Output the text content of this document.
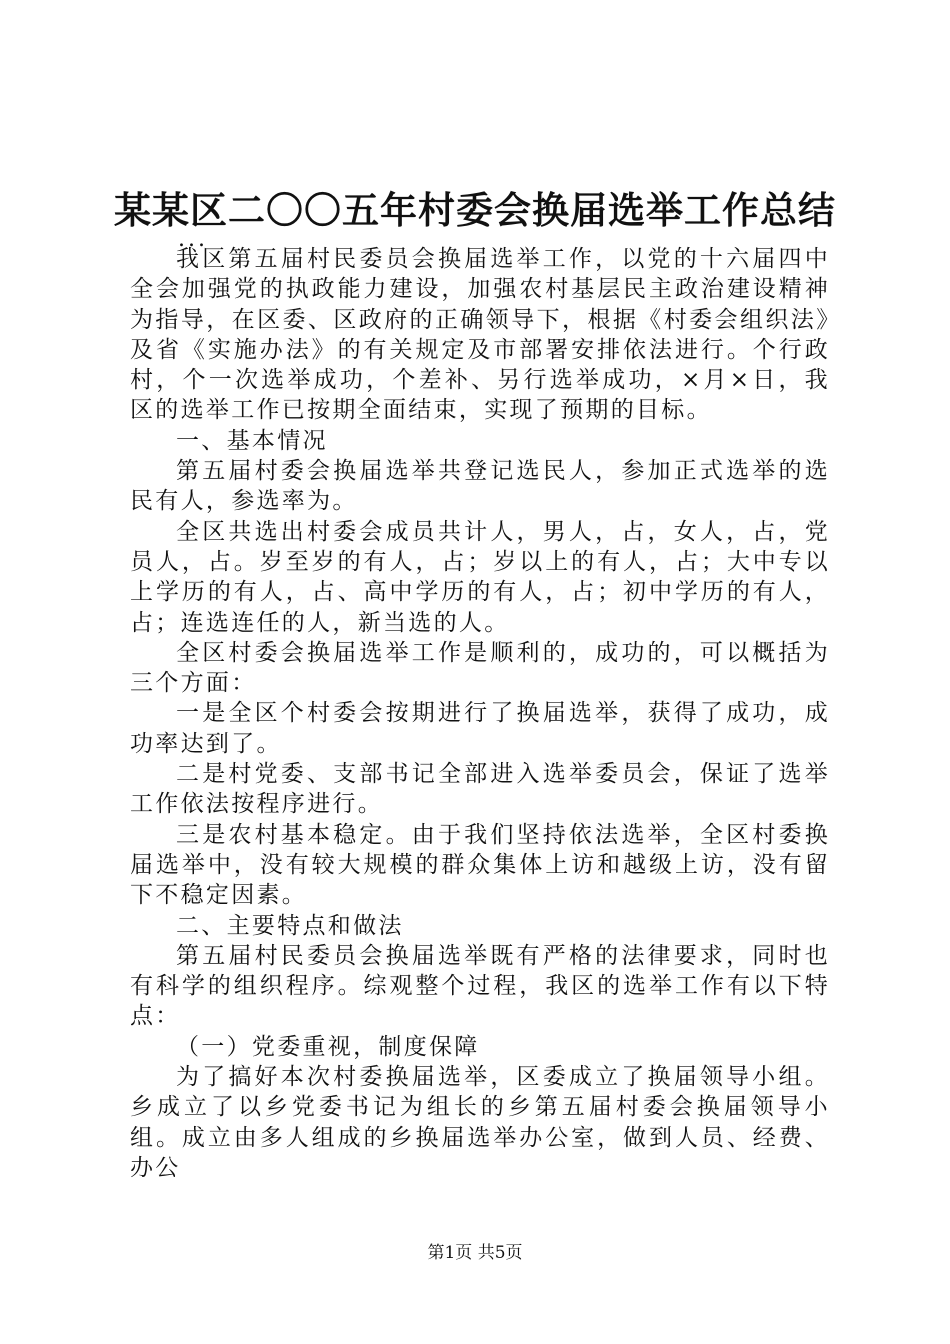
某某区二〇〇五年村委会换届选举工作总结
...

我区第五届村民委员会换届选举工作，以党的十六届四中全会加强党的执政能力建设，加强农村基层民主政治建设精神为指导，在区委、区政府的正确领导下，根据《村委会组织法》及省《实施办法》的有关规定及市部署安排依法进行。个行政村，个一次选举成功，个差补、另行选举成功，×月×日，我区的选举工作已按期全面结束，实现了预期的目标。

一、基本情况

第五届村委会换届选举共登记选民人，参加正式选举的选民有人，参选率为。

全区共选出村委会成员共计人，男人，占，女人，占，党员人，占。岁至岁的有人，占；岁以上的有人，占；大中专以上学历的有人，占、高中学历的有人，占；初中学历的有人，占；连选连任的人，新当选的人。

全区村委会换届选举工作是顺利的，成功的，可以概括为三个方面：

一是全区个村委会按期进行了换届选举，获得了成功，成功率达到了。

二是村党委、支部书记全部进入选举委员会，保证了选举工作依法按程序进行。

三是农村基本稳定。由于我们坚持依法选举，全区村委换届选举中，没有较大规模的群众集体上访和越级上访，没有留下不稳定因素。

二、主要特点和做法

第五届村民委员会换届选举既有严格的法律要求，同时也有科学的组织程序。综观整个过程，我区的选举工作有以下特点：

（一）党委重视，制度保障

为了搞好本次村委换届选举，区委成立了换届领导小组。乡成立了以乡党委书记为组长的乡第五届村委会换届领导小组。成立由多人组成的乡换届选举办公室，做到人员、经费、办公

第1页 共5页
